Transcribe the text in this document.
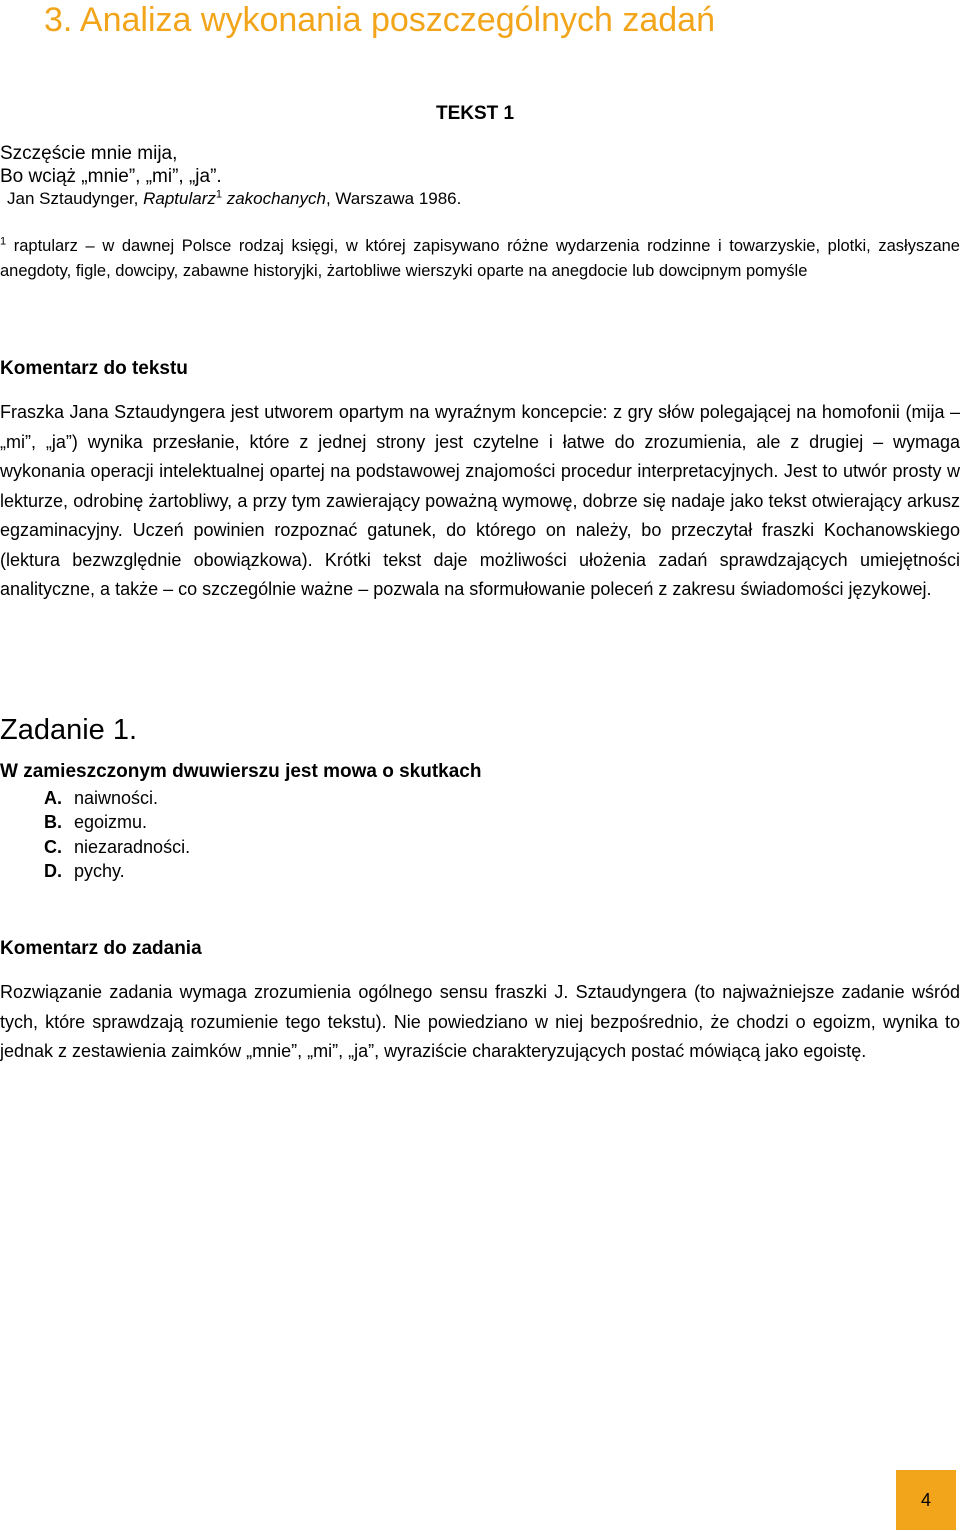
3. Analiza wykonania poszczególnych zadań
TEKST 1
Szczęście mnie mija,
Bo wciąż „mnie”, „mi”, „ja”.
Jan Sztaudynger, Raptularz$^1$ zakochanych, Warszawa 1986.

$^1$ raptularz – w dawnej Polsce rodzaj księgi, w której zapisywano różne wydarzenia rodzinne i towarzyskie, plotki, zasłyszane anegdoty, figle, dowcipy, zabawne historyjki, żartobliwe wierszyki oparte na anegdocie lub dowcipnym pomyśle

Komentarz do tekstu

Fraszka Jana Sztaudyngera jest utworem opartym na wyraźnym koncepcie: z gry słów polegającej na homofonii (mija – „mi”, „ja”) wynika przesłanie, które z jednej strony jest czytelne i łatwe do zrozumienia, ale z drugiej – wymaga wykonania operacji intelektualnej opartej na podstawowej znajomości procedur interpretacyjnych. Jest to utwór prosty w lekturze, odrobinę żartobliwy, a przy tym zawierający poważną wymowę, dobrze się nadaje jako tekst otwierający arkusz egzaminacyjny. Uczeń powinien rozpoznać gatunek, do którego on należy, bo przeczytał fraszki Kochanowskiego (lektura bezwzględnie obowiązkowa). Krótki tekst daje możliwości ułożenia zadań sprawdzających umiejętności analityczne, a także – co szczególnie ważne – pozwala na sformułowanie poleceń z zakresu świadomości językowej.

Zadanie 1.
W zamieszczonym dwuwierszu jest mowa o skutkach
A. naiwności.
B. egoizmu.
C. niezaradności.
D. pychy.
Komentarz do zadania

Rozwiązanie zadania wymaga zrozumienia ogólnego sensu fraszki J. Sztaudyngera (to najważniejsze zadanie wśród tych, które sprawdzają rozumienie tego tekstu). Nie powiedziano w niej bezpośrednio, że chodzi o egoizm, wynika to jednak z zestawienia zaimków „mnie”, „mi”, „ja”, wyraziście charakteryzujących postać mówiącą jako egoistę.

4
